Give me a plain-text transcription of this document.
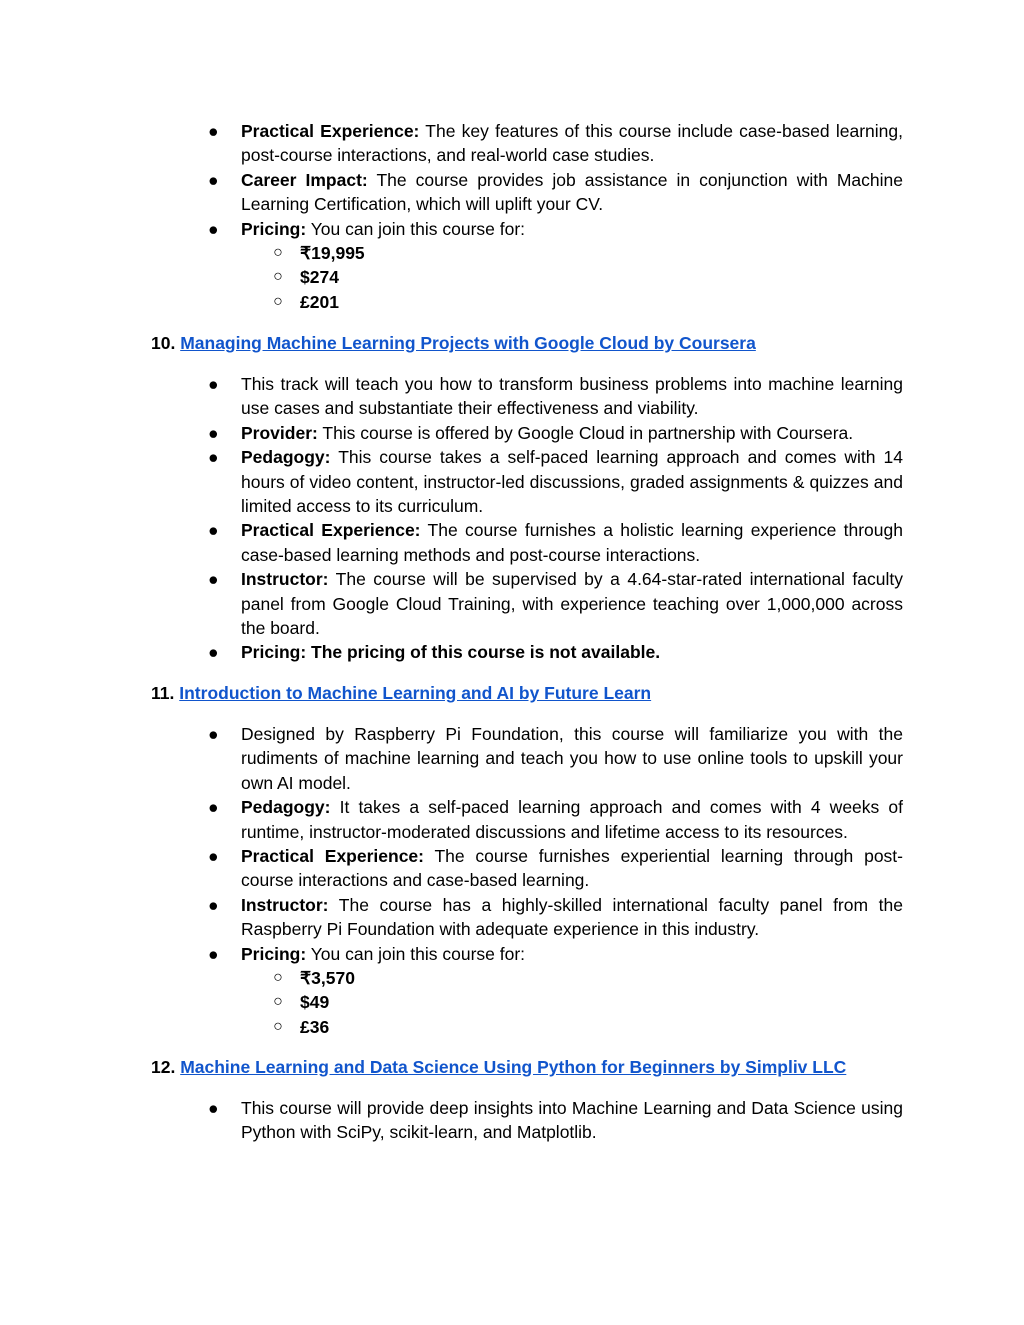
●	Practical Experience: The key features of this course include case-based learning, post-course interactions, and real-world case studies.
●	Career Impact: The course provides job assistance in conjunction with Machine Learning Certification, which will uplift your CV.
●	Pricing: You can join this course for:
○ ₹19,995
○ $274
○ £201
10. Managing Machine Learning Projects with Google Cloud by Coursera
●	This track will teach you how to transform business problems into machine learning use cases and substantiate their effectiveness and viability.
●	Provider: This course is offered by Google Cloud in partnership with Coursera.
●	Pedagogy: This course takes a self-paced learning approach and comes with 14 hours of video content, instructor-led discussions, graded assignments & quizzes and limited access to its curriculum.
●	Practical Experience: The course furnishes a holistic learning experience through case-based learning methods and post-course interactions.
●	Instructor: The course will be supervised by a 4.64-star-rated international faculty panel from Google Cloud Training, with experience teaching over 1,000,000 across the board.
●	Pricing: The pricing of this course is not available.
11. Introduction to Machine Learning and AI by Future Learn
●	Designed by Raspberry Pi Foundation, this course will familiarize you with the rudiments of machine learning and teach you how to use online tools to upskill your own AI model.
●	Pedagogy: It takes a self-paced learning approach and comes with 4 weeks of runtime, instructor-moderated discussions and lifetime access to its resources.
●	Practical Experience: The course furnishes experiential learning through post-course interactions and case-based learning.
●	Instructor: The course has a highly-skilled international faculty panel from the Raspberry Pi Foundation with adequate experience in this industry.
●	Pricing: You can join this course for:
○ ₹3,570
○ $49
○ £36
12. Machine Learning and Data Science Using Python for Beginners by Simpliv LLC
●	This course will provide deep insights into Machine Learning and Data Science using Python with SciPy, scikit-learn, and Matplotlib.
